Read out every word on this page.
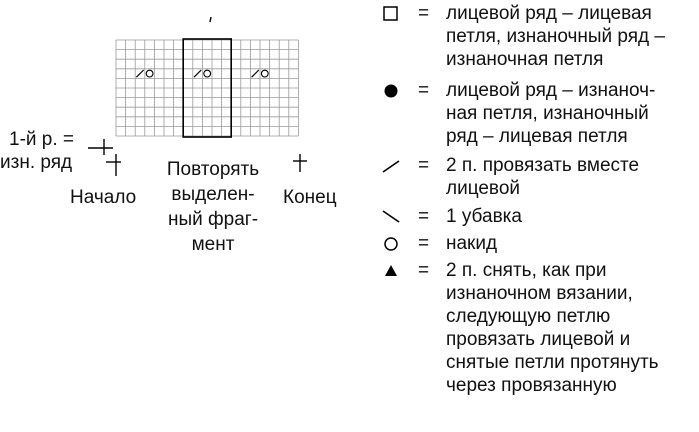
1-й р. =
изн. ряд
Начало
Повторять
выделен-
ный фраг-
мент
Конец
= лицевой ряд – лицевая
петля, изнаночный ряд –
изнаночная петля
= лицевой ряд – изнаноч-
ная петля, изнаночный
ряд – лицевая петля
= 2 п. провязать вместе
лицевой
= 1 убавка
= накид
= 2 п. снять, как при
изнаночном вязании,
следующую петлю
провязать лицевой и
снятые петли протянуть
через провязанную
